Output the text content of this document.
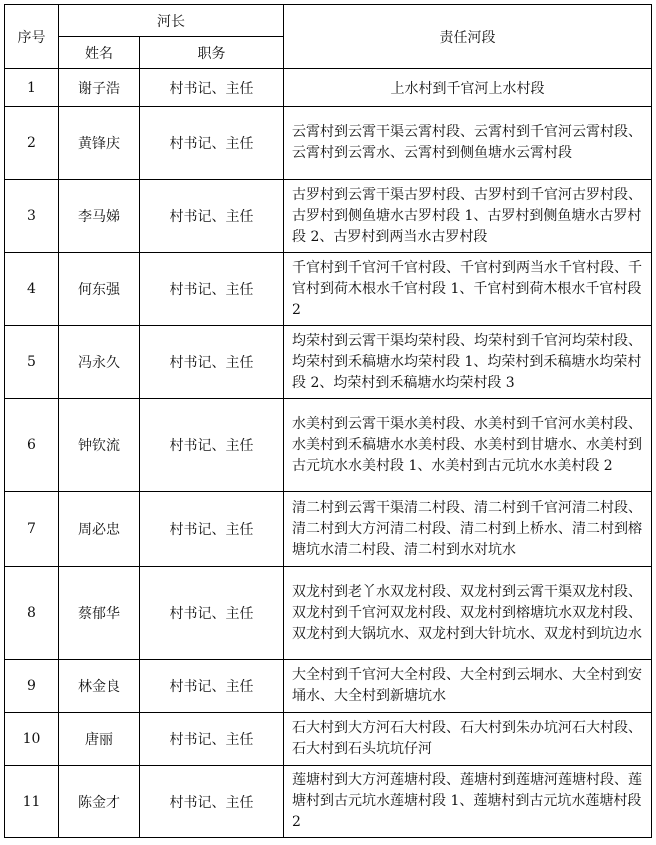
序号	河长		责任河段
	姓名	职务	
1	谢子浩	村书记、主任	上水村到千官河上水村段
2	黄锋庆	村书记、主任	云霄村到云霄干渠云霄村段、云霄村到千官河云霄村段、云霄村到云霄水、云霄村到侧鱼塘水云霄村段
3	李马娣	村书记、主任	古罗村到云霄干渠古罗村段、古罗村到千官河古罗村段、古罗村到侧鱼塘水古罗村段 1、古罗村到侧鱼塘水古罗村段 2、古罗村到两当水古罗村段
4	何东强	村书记、主任	千官村到千官河千官村段、千官村到两当水千官村段、千官村到荷木根水千官村段 1、千官村到荷木根水千官村段 2
5	冯永久	村书记、主任	均荣村到云霄干渠均荣村段、均荣村到千官河均荣村段、均荣村到禾稿塘水均荣村段 1、均荣村到禾稿塘水均荣村段 2、均荣村到禾稿塘水均荣村段 3
6	钟钦流	村书记、主任	水美村到云霄干渠水美村段、水美村到千官河水美村段、水美村到禾稿塘水水美村段、水美村到甘塘水、水美村到古元坑水水美村段 1、水美村到古元坑水水美村段 2
7	周必忠	村书记、主任	清二村到云霄干渠清二村段、清二村到千官河清二村段、清二村到大方河清二村段、清二村到上桥水、清二村到榕塘坑水清二村段、清二村到水对坑水
8	蔡郁华	村书记、主任	双龙村到老丫水双龙村段、双龙村到云霄干渠双龙村段、双龙村到千官河双龙村段、双龙村到榕塘坑水双龙村段、双龙村到大锅坑水、双龙村到大针坑水、双龙村到坑边水
9	林金良	村书记、主任	大全村到千官河大全村段、大全村到云垌水、大全村到安埇水、大全村到新塘坑水
10	唐丽	村书记、主任	石大村到大方河石大村段、石大村到朱办坑河石大村段、石大村到石头坑坑仔河
11	陈金才	村书记、主任	莲塘村到大方河莲塘村段、莲塘村到莲塘河莲塘村段、莲塘村到古元坑水莲塘村段 1、莲塘村到古元坑水莲塘村段 2
